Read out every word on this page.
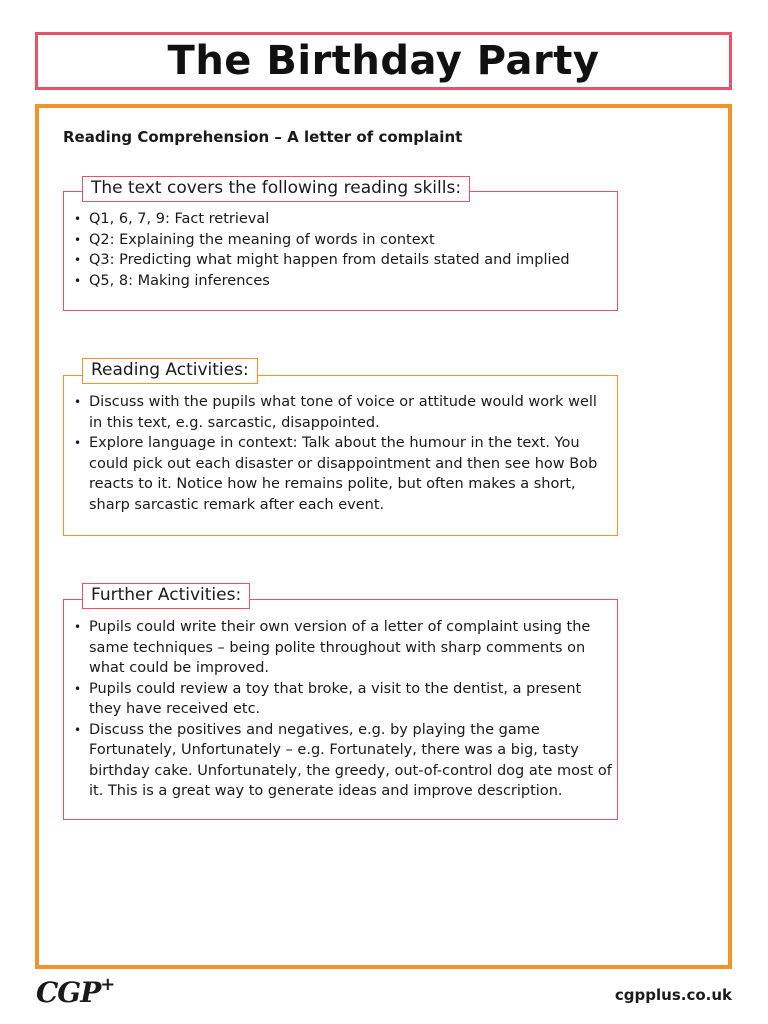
The Birthday Party
Reading Comprehension – A letter of complaint
The text covers the following reading skills:
• Q1, 6, 7, 9: Fact retrieval
• Q2: Explaining the meaning of words in context
• Q3: Predicting what might happen from details stated and implied
• Q5, 8: Making inferences
Reading Activities:
• Discuss with the pupils what tone of voice or attitude would work well in this text, e.g. sarcastic, disappointed.
• Explore language in context: Talk about the humour in the text. You could pick out each disaster or disappointment and then see how Bob reacts to it. Notice how he remains polite, but often makes a short, sharp sarcastic remark after each event.
Further Activities:
• Pupils could write their own version of a letter of complaint using the same techniques – being polite throughout with sharp comments on what could be improved.
• Pupils could review a toy that broke, a visit to the dentist, a present they have received etc.
• Discuss the positives and negatives, e.g. by playing the game Fortunately, Unfortunately – e.g. Fortunately, there was a big, tasty birthday cake. Unfortunately, the greedy, out-of-control dog ate most of it. This is a great way to generate ideas and improve description.
CGP+	cgpplus.co.uk
